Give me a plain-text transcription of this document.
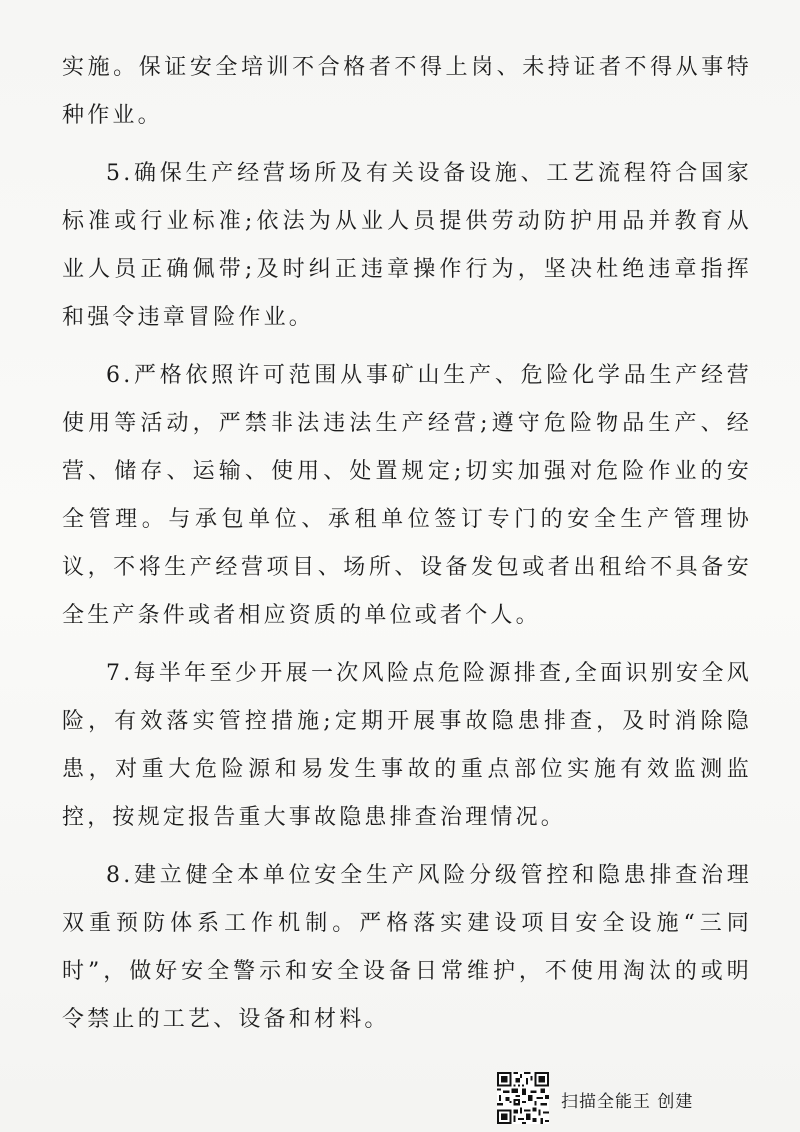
实施。保证安全培训不合格者不得上岗、未持证者不得从事特种作业。

5.确保生产经营场所及有关设备设施、工艺流程符合国家标准或行业标准;依法为从业人员提供劳动防护用品并教育从业人员正确佩带;及时纠正违章操作行为，坚决杜绝违章指挥和强令违章冒险作业。

6.严格依照许可范围从事矿山生产、危险化学品生产经营使用等活动，严禁非法违法生产经营;遵守危险物品生产、经营、储存、运输、使用、处置规定;切实加强对危险作业的安全管理。与承包单位、承租单位签订专门的安全生产管理协议，不将生产经营项目、场所、设备发包或者出租给不具备安全生产条件或者相应资质的单位或者个人。

7.每半年至少开展一次风险点危险源排查,全面识别安全风险，有效落实管控措施;定期开展事故隐患排查，及时消除隐患，对重大危险源和易发生事故的重点部位实施有效监测监控，按规定报告重大事故隐患排查治理情况。

8.建立健全本单位安全生产风险分级管控和隐患排查治理双重预防体系工作机制。严格落实建设项目安全设施“三同时”，做好安全警示和安全设备日常维护，不使用淘汰的或明令禁止的工艺、设备和材料。

扫描全能王 创建
